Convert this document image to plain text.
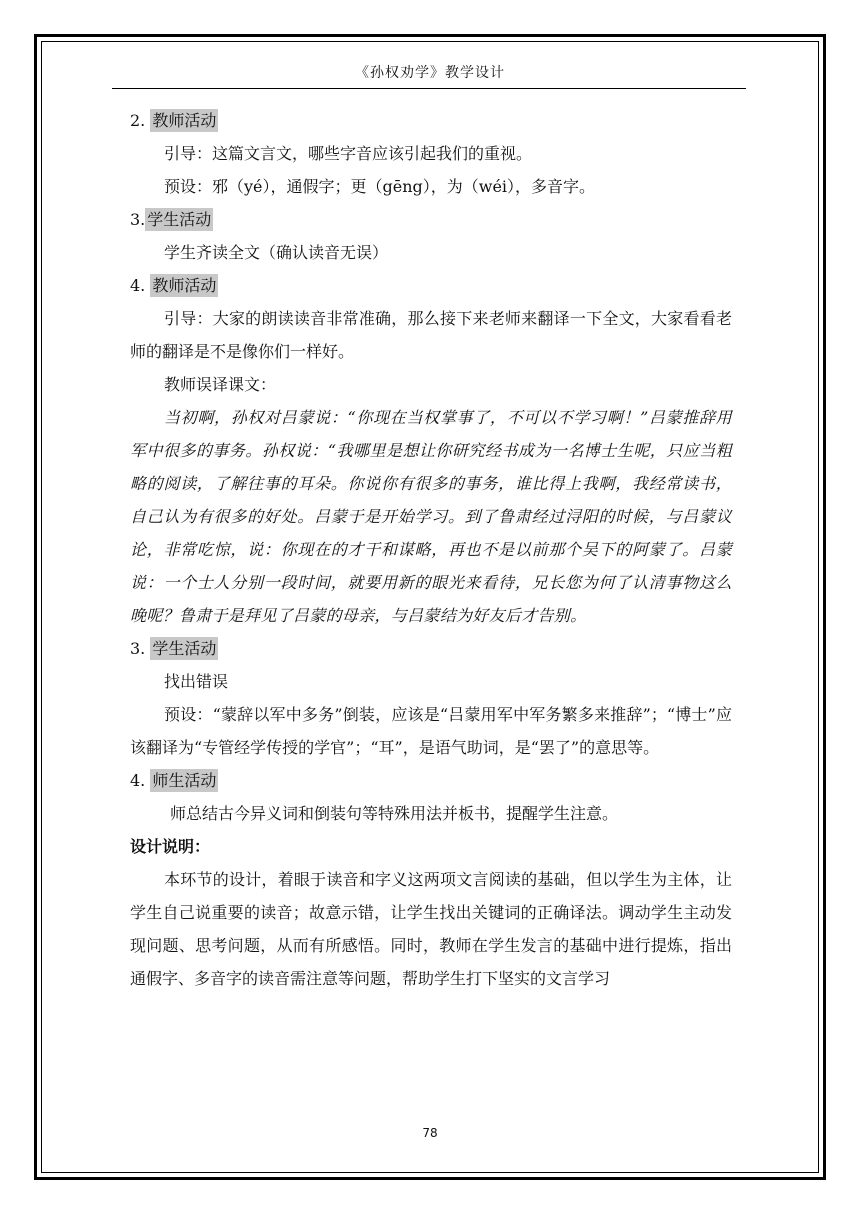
《孙权劝学》教学设计
2. 教师活动
引导：这篇文言文，哪些字音应该引起我们的重视。
预设：邪（yé），通假字；更（gēng），为（wéi），多音字。
3. 学生活动
学生齐读全文（确认读音无误）
4. 教师活动

引导：大家的朗读读音非常准确，那么接下来老师来翻译一下全文，大家看看老师的翻译是不是像你们一样好。

教师误译课文：

当初啊，孙权对吕蒙说：“你现在当权掌事了，不可以不学习啊！”吕蒙推辞用军中很多的事务。孙权说：“我哪里是想让你研究经书成为一名博士生呢，只应当粗略的阅读，了解往事的耳朵。你说你有很多的事务，谁比得上我啊，我经常读书，自己认为有很多的好处。吕蒙于是开始学习。到了鲁肃经过浔阳的时候，与吕蒙议论，非常吃惊，说：你现在的才干和谋略，再也不是以前那个吴下的阿蒙了。吕蒙说：一个士人分别一段时间，就要用新的眼光来看待，兄长您为何了认清事物这么晚呢？鲁肃于是拜见了吕蒙的母亲，与吕蒙结为好友后才告别。

3. 学生活动
找出错误

预设：“蒙辞以军中多务”倒装，应该是“吕蒙用军中军务繁多来推辞”；“博士”应该翻译为“专管经学传授的学官”；“耳”，是语气助词，是“罢了”的意思等。

4. 师生活动
师总结古今异义词和倒装句等特殊用法并板书，提醒学生注意。
设计说明：

本环节的设计，着眼于读音和字义这两项文言阅读的基础，但以学生为主体，让学生自己说重要的读音；故意示错，让学生找出关键词的正确译法。调动学生主动发现问题、思考问题，从而有所感悟。同时，教师在学生发言的基础中进行提炼，指出通假字、多音字的读音需注意等问题，帮助学生打下坚实的文言学习

78
